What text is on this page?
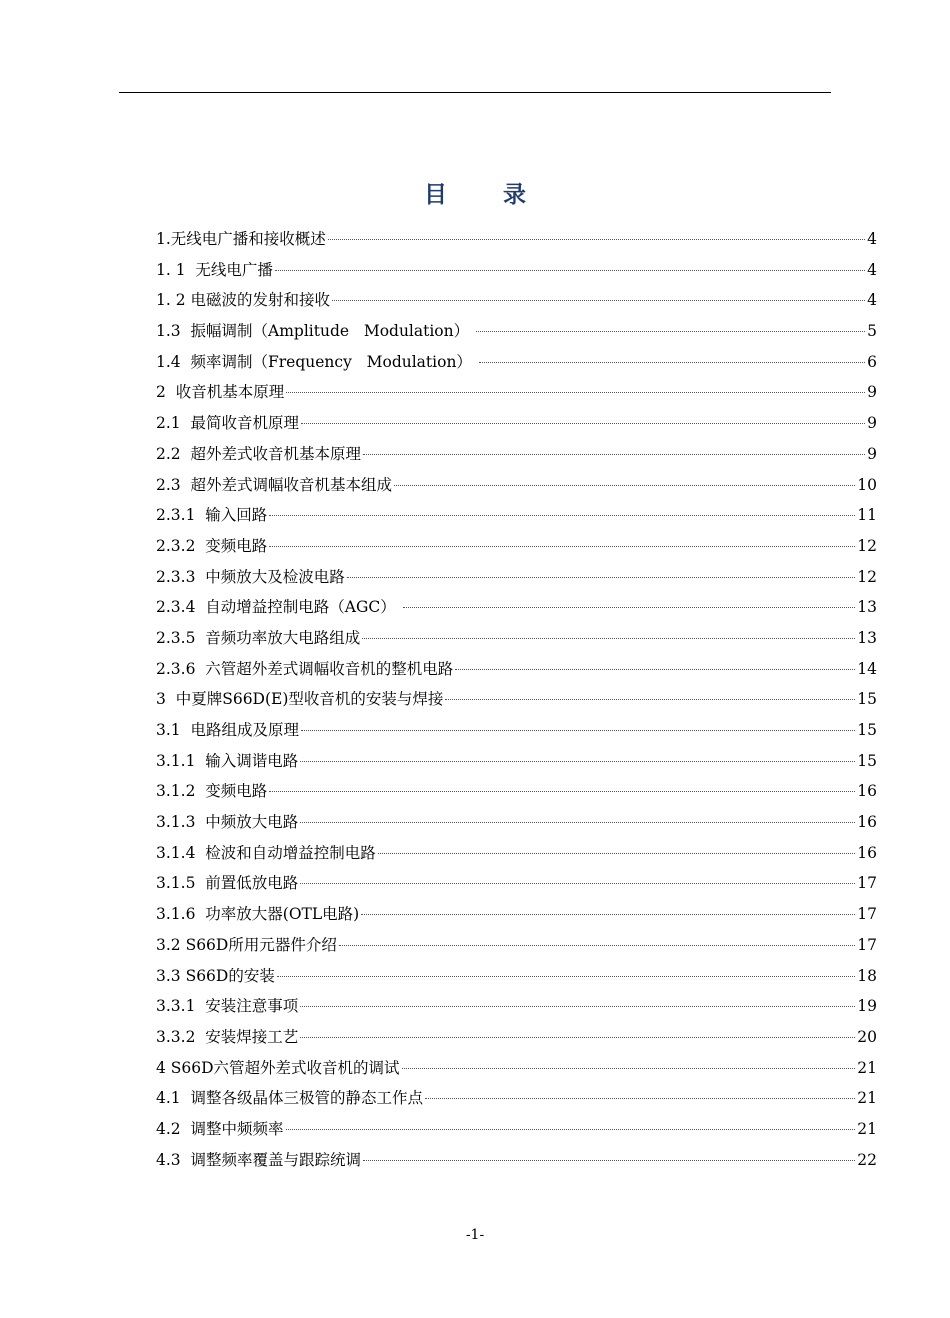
目 录
1.无线电广播和接收概述	4
1. 1  无线电广播	4
1. 2 电磁波的发射和接收	4
1.3  振幅调制（Amplitude   Modulation）	5
1.4  频率调制（Frequency   Modulation）	6
2  收音机基本原理	9
2.1  最简收音机原理	9
2.2  超外差式收音机基本原理	9
2.3  超外差式调幅收音机基本组成	10
2.3.1  输入回路	11
2.3.2  变频电路	12
2.3.3  中频放大及检波电路	12
2.3.4  自动增益控制电路（AGC）	13
2.3.5  音频功率放大电路组成	13
2.3.6  六管超外差式调幅收音机的整机电路	14
3  中夏牌S66D(E)型收音机的安装与焊接	15
3.1  电路组成及原理	15
3.1.1  输入调谐电路	15
3.1.2  变频电路	16
3.1.3  中频放大电路	16
3.1.4  检波和自动增益控制电路	16
3.1.5  前置低放电路	17
3.1.6  功率放大器(OTL电路)	17
3.2 S66D所用元器件介绍	17
3.3 S66D的安装	18
3.3.1  安装注意事项	19
3.3.2  安装焊接工艺	20
4 S66D六管超外差式收音机的调试	21
4.1  调整各级晶体三极管的静态工作点	21
4.2  调整中频频率	21
4.3  调整频率覆盖与跟踪统调	22
-1-
